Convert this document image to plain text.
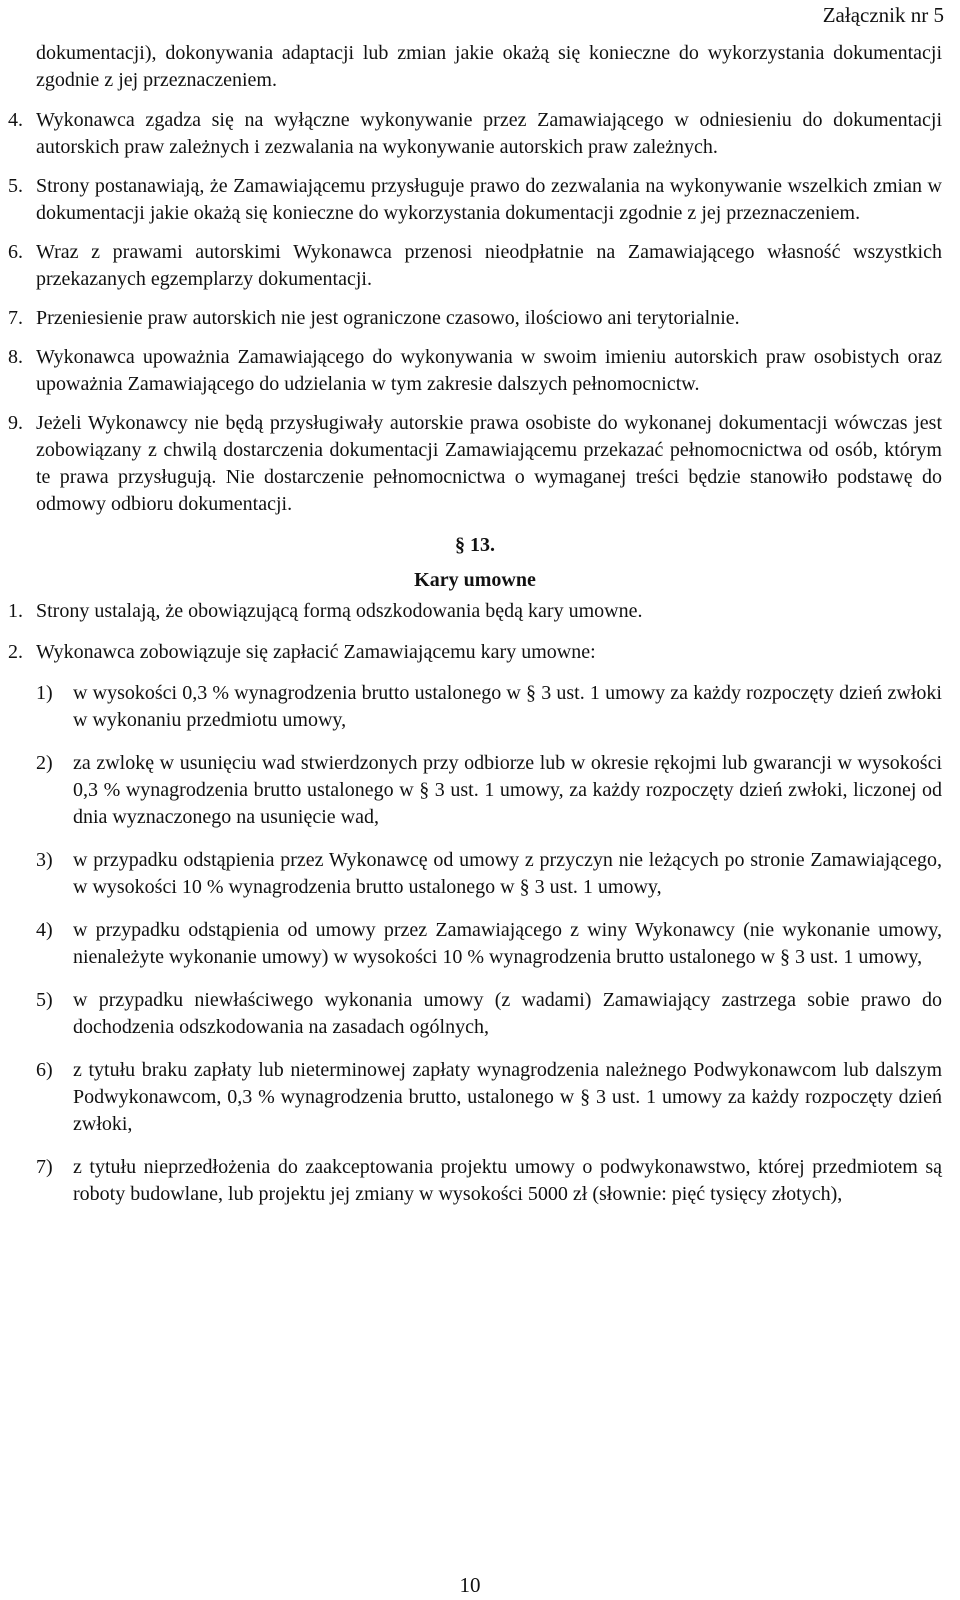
Załącznik nr 5

dokumentacji), dokonywania adaptacji lub zmian jakie okażą się konieczne do wykorzystania dokumentacji zgodnie z jej przeznaczeniem.

4. Wykonawca zgadza się na wyłączne wykonywanie przez Zamawiającego w odniesieniu do dokumentacji autorskich praw zależnych i zezwalania na wykonywanie autorskich praw zależnych.
5. Strony postanawiają, że Zamawiającemu przysługuje prawo do zezwalania na wykonywanie wszelkich zmian w dokumentacji jakie okażą się konieczne do wykorzystania dokumentacji zgodnie z jej przeznaczeniem.
6. Wraz z prawami autorskimi Wykonawca przenosi nieodpłatnie na Zamawiającego własność wszystkich przekazanych egzemplarzy dokumentacji.
7. Przeniesienie praw autorskich nie jest ograniczone czasowo, ilościowo ani terytorialnie.
8. Wykonawca upoważnia Zamawiającego do wykonywania w swoim imieniu autorskich praw osobistych oraz upoważnia Zamawiającego do udzielania w tym zakresie dalszych pełnomocnictw.
9. Jeżeli Wykonawcy nie będą przysługiwały autorskie prawa osobiste do wykonanej dokumentacji wówczas jest zobowiązany z chwilą dostarczenia dokumentacji Zamawiającemu przekazać pełnomocnictwa od osób, którym te prawa przysługują. Nie dostarczenie pełnomocnictwa o wymaganej treści będzie stanowiło podstawę do odmowy odbioru dokumentacji.
§ 13.
Kary umowne
1. Strony ustalają, że obowiązującą formą odszkodowania będą kary umowne.
2. Wykonawca zobowiązuje się zapłacić Zamawiającemu kary umowne:
1)	w wysokości 0,3 % wynagrodzenia brutto ustalonego w § 3 ust. 1 umowy za każdy rozpoczęty dzień zwłoki w wykonaniu przedmiotu umowy,
2)	za zwlokę w usunięciu wad stwierdzonych przy odbiorze lub w okresie rękojmi lub gwarancji w wysokości 0,3 % wynagrodzenia brutto ustalonego w § 3 ust. 1 umowy, za każdy rozpoczęty dzień zwłoki, liczonej od dnia wyznaczonego na usunięcie wad,
3)	w przypadku odstąpienia przez Wykonawcę od umowy z przyczyn nie leżących po stronie Zamawiającego, w wysokości 10 % wynagrodzenia brutto ustalonego w § 3 ust. 1 umowy,
4)	w przypadku odstąpienia od umowy przez Zamawiającego z winy Wykonawcy (nie wykonanie umowy, nienależyte wykonanie umowy) w wysokości 10 % wynagrodzenia brutto ustalonego w § 3 ust. 1 umowy,
5)	w przypadku niewłaściwego wykonania umowy (z wadami) Zamawiający zastrzega sobie prawo do dochodzenia odszkodowania na zasadach ogólnych,
6)	z tytułu braku zapłaty lub nieterminowej zapłaty wynagrodzenia należnego Podwykonawcom lub dalszym Podwykonawcom, 0,3 % wynagrodzenia brutto, ustalonego w § 3 ust. 1 umowy za każdy rozpoczęty dzień zwłoki,
7)	z tytułu nieprzedłożenia do zaakceptowania projektu umowy o podwykonawstwo, której przedmiotem są roboty budowlane, lub projektu jej zmiany w wysokości 5000 zł (słownie: pięć tysięcy złotych),
10
